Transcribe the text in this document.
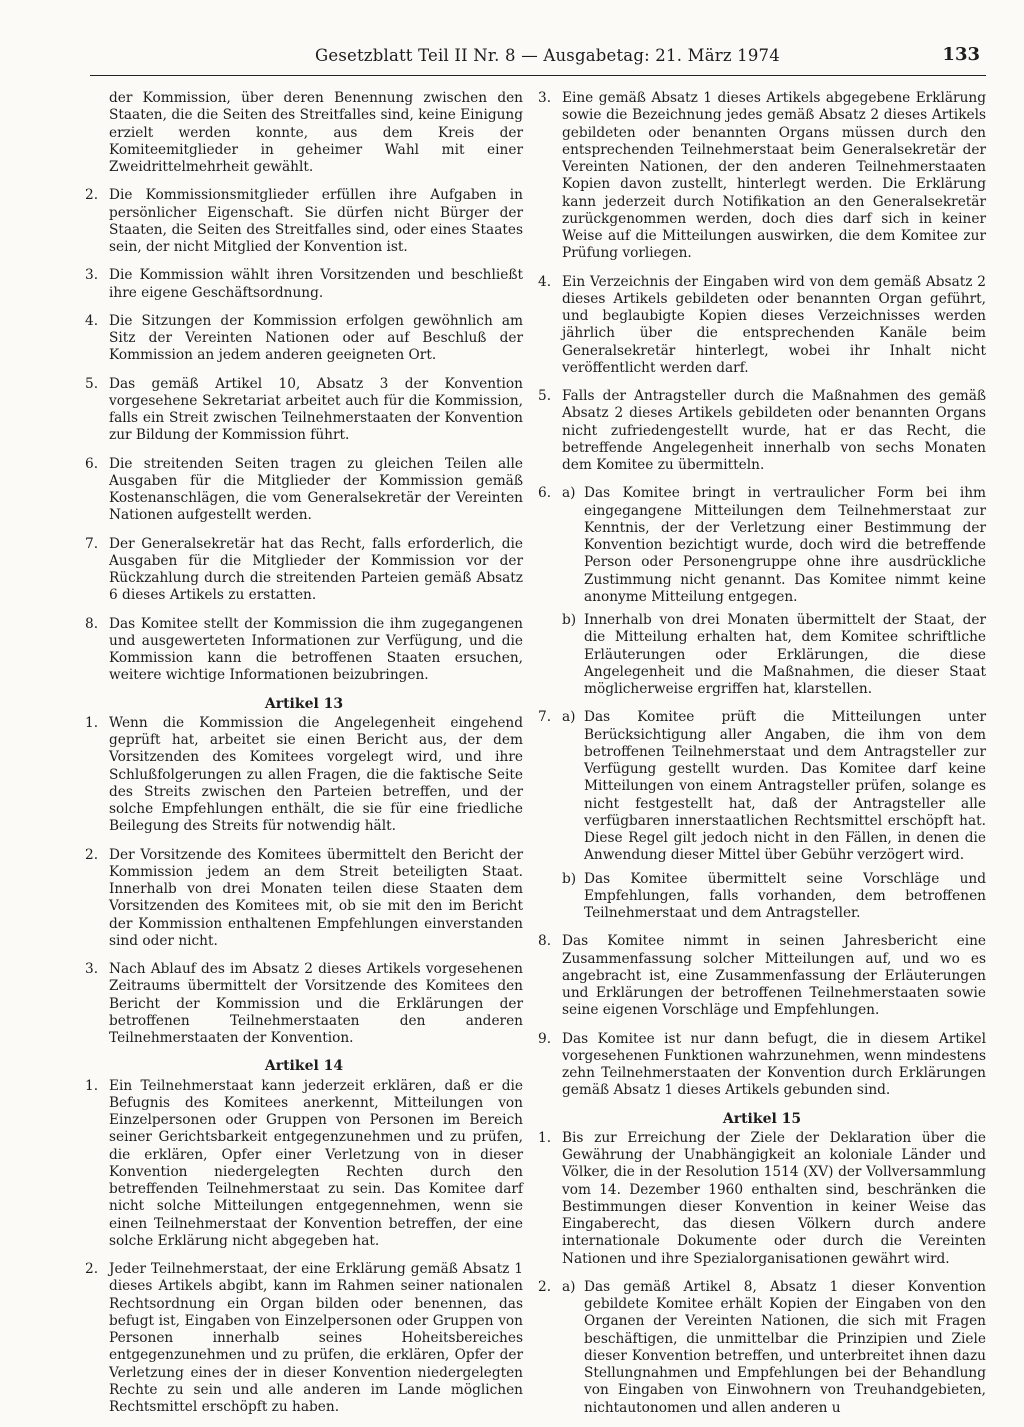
Gesetzblatt Teil II Nr. 8 — Ausgabetag: 21. März 1974	133
der Kommission, über deren Benennung zwischen den Staaten, die die Seiten des Streitfalles sind, keine Einigung erzielt werden konnte, aus dem Kreis der Komiteemitglieder in geheimer Wahl mit einer Zweidrittelmehrheit gewählt.
2. Die Kommissionsmitglieder erfüllen ihre Aufgaben in persönlicher Eigenschaft. Sie dürfen nicht Bürger der Staaten, die Seiten des Streitfalles sind, oder eines Staates sein, der nicht Mitglied der Konvention ist.
3. Die Kommission wählt ihren Vorsitzenden und beschließt ihre eigene Geschäftsordnung.
4. Die Sitzungen der Kommission erfolgen gewöhnlich am Sitz der Vereinten Nationen oder auf Beschluß der Kommission an jedem anderen geeigneten Ort.
5. Das gemäß Artikel 10, Absatz 3 der Konvention vorgesehene Sekretariat arbeitet auch für die Kommission, falls ein Streit zwischen Teilnehmerstaaten der Konvention zur Bildung der Kommission führt.
6. Die streitenden Seiten tragen zu gleichen Teilen alle Ausgaben für die Mitglieder der Kommission gemäß Kostenanschlägen, die vom Generalsekretär der Vereinten Nationen aufgestellt werden.
7. Der Generalsekretär hat das Recht, falls erforderlich, die Ausgaben für die Mitglieder der Kommission vor der Rückzahlung durch die streitenden Parteien gemäß Absatz 6 dieses Artikels zu erstatten.
8. Das Komitee stellt der Kommission die ihm zugegangenen und ausgewerteten Informationen zur Verfügung, und die Kommission kann die betroffenen Staaten ersuchen, weitere wichtige Informationen beizubringen.
Artikel 13
1. Wenn die Kommission die Angelegenheit eingehend geprüft hat, arbeitet sie einen Bericht aus, der dem Vorsitzenden des Komitees vorgelegt wird, und ihre Schlußfolgerungen zu allen Fragen, die die faktische Seite des Streits zwischen den Parteien betreffen, und der solche Empfehlungen enthält, die sie für eine friedliche Beilegung des Streits für notwendig hält.
2. Der Vorsitzende des Komitees übermittelt den Bericht der Kommission jedem an dem Streit beteiligten Staat. Innerhalb von drei Monaten teilen diese Staaten dem Vorsitzenden des Komitees mit, ob sie mit den im Bericht der Kommission enthaltenen Empfehlungen einverstanden sind oder nicht.
3. Nach Ablauf des im Absatz 2 dieses Artikels vorgesehenen Zeitraums übermittelt der Vorsitzende des Komitees den Bericht der Kommission und die Erklärungen der betroffenen Teilnehmerstaaten den anderen Teilnehmerstaaten der Konvention.
Artikel 14
1. Ein Teilnehmerstaat kann jederzeit erklären, daß er die Befugnis des Komitees anerkennt, Mitteilungen von Einzelpersonen oder Gruppen von Personen im Bereich seiner Gerichtsbarkeit entgegenzunehmen und zu prüfen, die erklären, Opfer einer Verletzung von in dieser Konvention niedergelegten Rechten durch den betreffenden Teilnehmerstaat zu sein. Das Komitee darf nicht solche Mitteilungen entgegennehmen, wenn sie einen Teilnehmerstaat der Konvention betreffen, der eine solche Erklärung nicht abgegeben hat.
2. Jeder Teilnehmerstaat, der eine Erklärung gemäß Absatz 1 dieses Artikels abgibt, kann im Rahmen seiner nationalen Rechtsordnung ein Organ bilden oder benennen, das befugt ist, Eingaben von Einzelpersonen oder Gruppen von Personen innerhalb seines Hoheitsbereiches entgegenzunehmen und zu prüfen, die erklären, Opfer der Verletzung eines der in dieser Konvention niedergelegten Rechte zu sein und alle anderen im Lande möglichen Rechtsmittel erschöpft zu haben.
3. Eine gemäß Absatz 1 dieses Artikels abgegebene Erklärung sowie die Bezeichnung jedes gemäß Absatz 2 dieses Artikels gebildeten oder benannten Organs müssen durch den entsprechenden Teilnehmerstaat beim Generalsekretär der Vereinten Nationen, der den anderen Teilnehmerstaaten Kopien davon zustellt, hinterlegt werden. Die Erklärung kann jederzeit durch Notifikation an den Generalsekretär zurückgenommen werden, doch dies darf sich in keiner Weise auf die Mitteilungen auswirken, die dem Komitee zur Prüfung vorliegen.
4. Ein Verzeichnis der Eingaben wird von dem gemäß Absatz 2 dieses Artikels gebildeten oder benannten Organ geführt, und beglaubigte Kopien dieses Verzeichnisses werden jährlich über die entsprechenden Kanäle beim Generalsekretär hinterlegt, wobei ihr Inhalt nicht veröffentlicht werden darf.
5. Falls der Antragsteller durch die Maßnahmen des gemäß Absatz 2 dieses Artikels gebildeten oder benannten Organs nicht zufriedengestellt wurde, hat er das Recht, die betreffende Angelegenheit innerhalb von sechs Monaten dem Komitee zu übermitteln.
6. a) Das Komitee bringt in vertraulicher Form bei ihm eingegangene Mitteilungen dem Teilnehmerstaat zur Kenntnis, der der Verletzung einer Bestimmung der Konvention bezichtigt wurde, doch wird die betreffende Person oder Personengruppe ohne ihre ausdrückliche Zustimmung nicht genannt. Das Komitee nimmt keine anonyme Mitteilung entgegen.
b) Innerhalb von drei Monaten übermittelt der Staat, der die Mitteilung erhalten hat, dem Komitee schriftliche Erläuterungen oder Erklärungen, die diese Angelegenheit und die Maßnahmen, die dieser Staat möglicherweise ergriffen hat, klarstellen.
7. a) Das Komitee prüft die Mitteilungen unter Berücksichtigung aller Angaben, die ihm von dem betroffenen Teilnehmerstaat und dem Antragsteller zur Verfügung gestellt wurden. Das Komitee darf keine Mitteilungen von einem Antragsteller prüfen, solange es nicht festgestellt hat, daß der Antragsteller alle verfügbaren innerstaatlichen Rechtsmittel erschöpft hat. Diese Regel gilt jedoch nicht in den Fällen, in denen die Anwendung dieser Mittel über Gebühr verzögert wird.
b) Das Komitee übermittelt seine Vorschläge und Empfehlungen, falls vorhanden, dem betroffenen Teilnehmerstaat und dem Antragsteller.
8. Das Komitee nimmt in seinen Jahresbericht eine Zusammenfassung solcher Mitteilungen auf, und wo es angebracht ist, eine Zusammenfassung der Erläuterungen und Erklärungen der betroffenen Teilnehmerstaaten sowie seine eigenen Vorschläge und Empfehlungen.
9. Das Komitee ist nur dann befugt, die in diesem Artikel vorgesehenen Funktionen wahrzunehmen, wenn mindestens zehn Teilnehmerstaaten der Konvention durch Erklärungen gemäß Absatz 1 dieses Artikels gebunden sind.
Artikel 15
1. Bis zur Erreichung der Ziele der Deklaration über die Gewährung der Unabhängigkeit an koloniale Länder und Völker, die in der Resolution 1514 (XV) der Vollversammlung vom 14. Dezember 1960 enthalten sind, beschränken die Bestimmungen dieser Konvention in keiner Weise das Eingaberecht, das diesen Völkern durch andere internationale Dokumente oder durch die Vereinten Nationen und ihre Spezialorganisationen gewährt wird.
2. a) Das gemäß Artikel 8, Absatz 1 dieser Konvention gebildete Komitee erhält Kopien der Eingaben von den Organen der Vereinten Nationen, die sich mit Fragen beschäftigen, die unmittelbar die Prinzipien und Ziele dieser Konvention betreffen, und unterbreitet ihnen dazu Stellungnahmen und Empfehlungen bei der Behandlung von Eingaben von Einwohnern von Treuhandgebieten, nichtautonomen und allen anderen u
